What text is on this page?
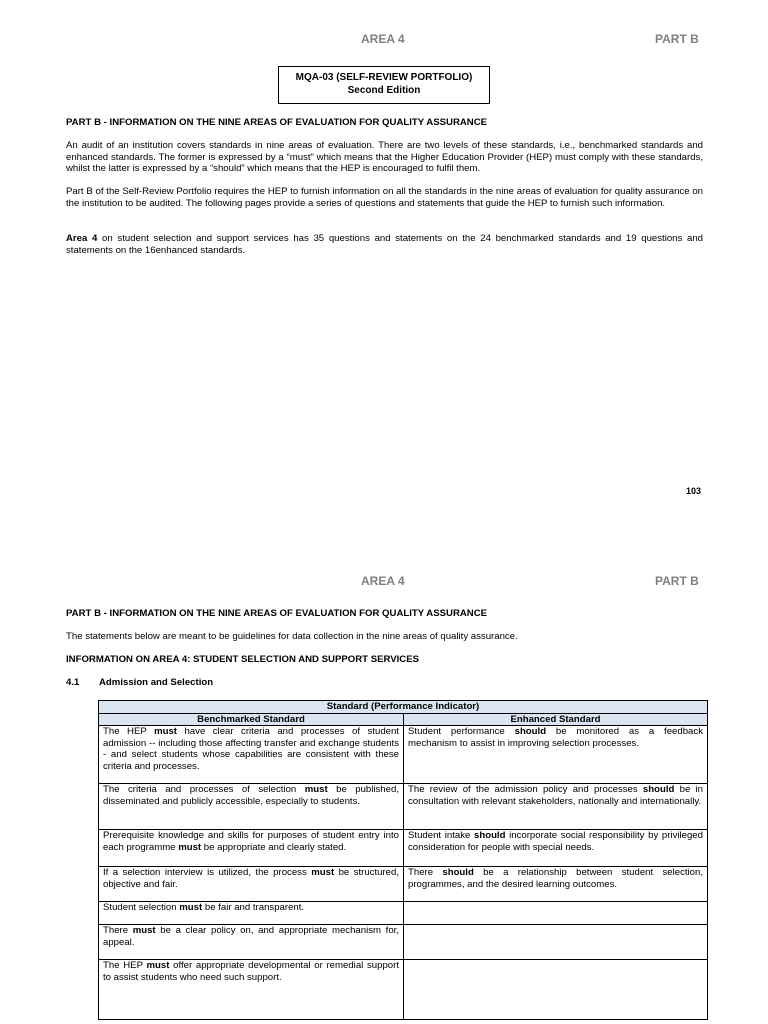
AREA 4	PART B
MQA-03 (SELF-REVIEW PORTFOLIO)
Second Edition
PART B - INFORMATION ON THE NINE AREAS OF EVALUATION FOR QUALITY ASSURANCE
An audit of an institution covers standards in nine areas of evaluation. There are two levels of these standards, i.e., benchmarked standards and enhanced standards. The former is expressed by a “must” which means that the Higher Education Provider (HEP) must comply with these standards, whilst the latter is expressed by a “should” which means that the HEP is encouraged to fulfil them.
Part B of the Self-Review Portfolio requires the HEP to furnish information on all the standards in the nine areas of evaluation for quality assurance on the institution to be audited. The following pages provide a series of questions and statements that guide the HEP to furnish such information.
Area 4 on student selection and support services has 35 questions and statements on the 24 benchmarked standards and 19 questions and statements on the 16enhanced standards.
103
AREA 4	PART B
PART B - INFORMATION ON THE NINE AREAS OF EVALUATION FOR QUALITY ASSURANCE
The statements below are meant to be guidelines for data collection in the nine areas of quality assurance.
INFORMATION ON AREA 4: STUDENT SELECTION AND SUPPORT SERVICES
4.1 Admission and Selection
Standard (Performance Indicator)	
Benchmarked Standard	Enhanced Standard
The HEP must have clear criteria and processes of student admission -- including those affecting transfer and exchange students - and select students whose capabilities are consistent with these criteria and processes.	Student performance should be monitored as a feedback mechanism to assist in improving selection processes.
The criteria and processes of selection must be published, disseminated and publicly accessible, especially to students.	The review of the admission policy and processes should be in consultation with relevant stakeholders, nationally and internationally.
Prerequisite knowledge and skills for purposes of student entry into each programme must be appropriate and clearly stated.	Student intake should incorporate social responsibility by privileged consideration for people with special needs.
If a selection interview is utilized, the process must be structured, objective and fair.	There should be a relationship between student selection, programmes, and the desired learning outcomes.
Student selection must be fair and transparent.	
There must be a clear policy on, and appropriate mechanism for, appeal.	
The HEP must offer appropriate developmental or remedial support to assist students who need such support.	
